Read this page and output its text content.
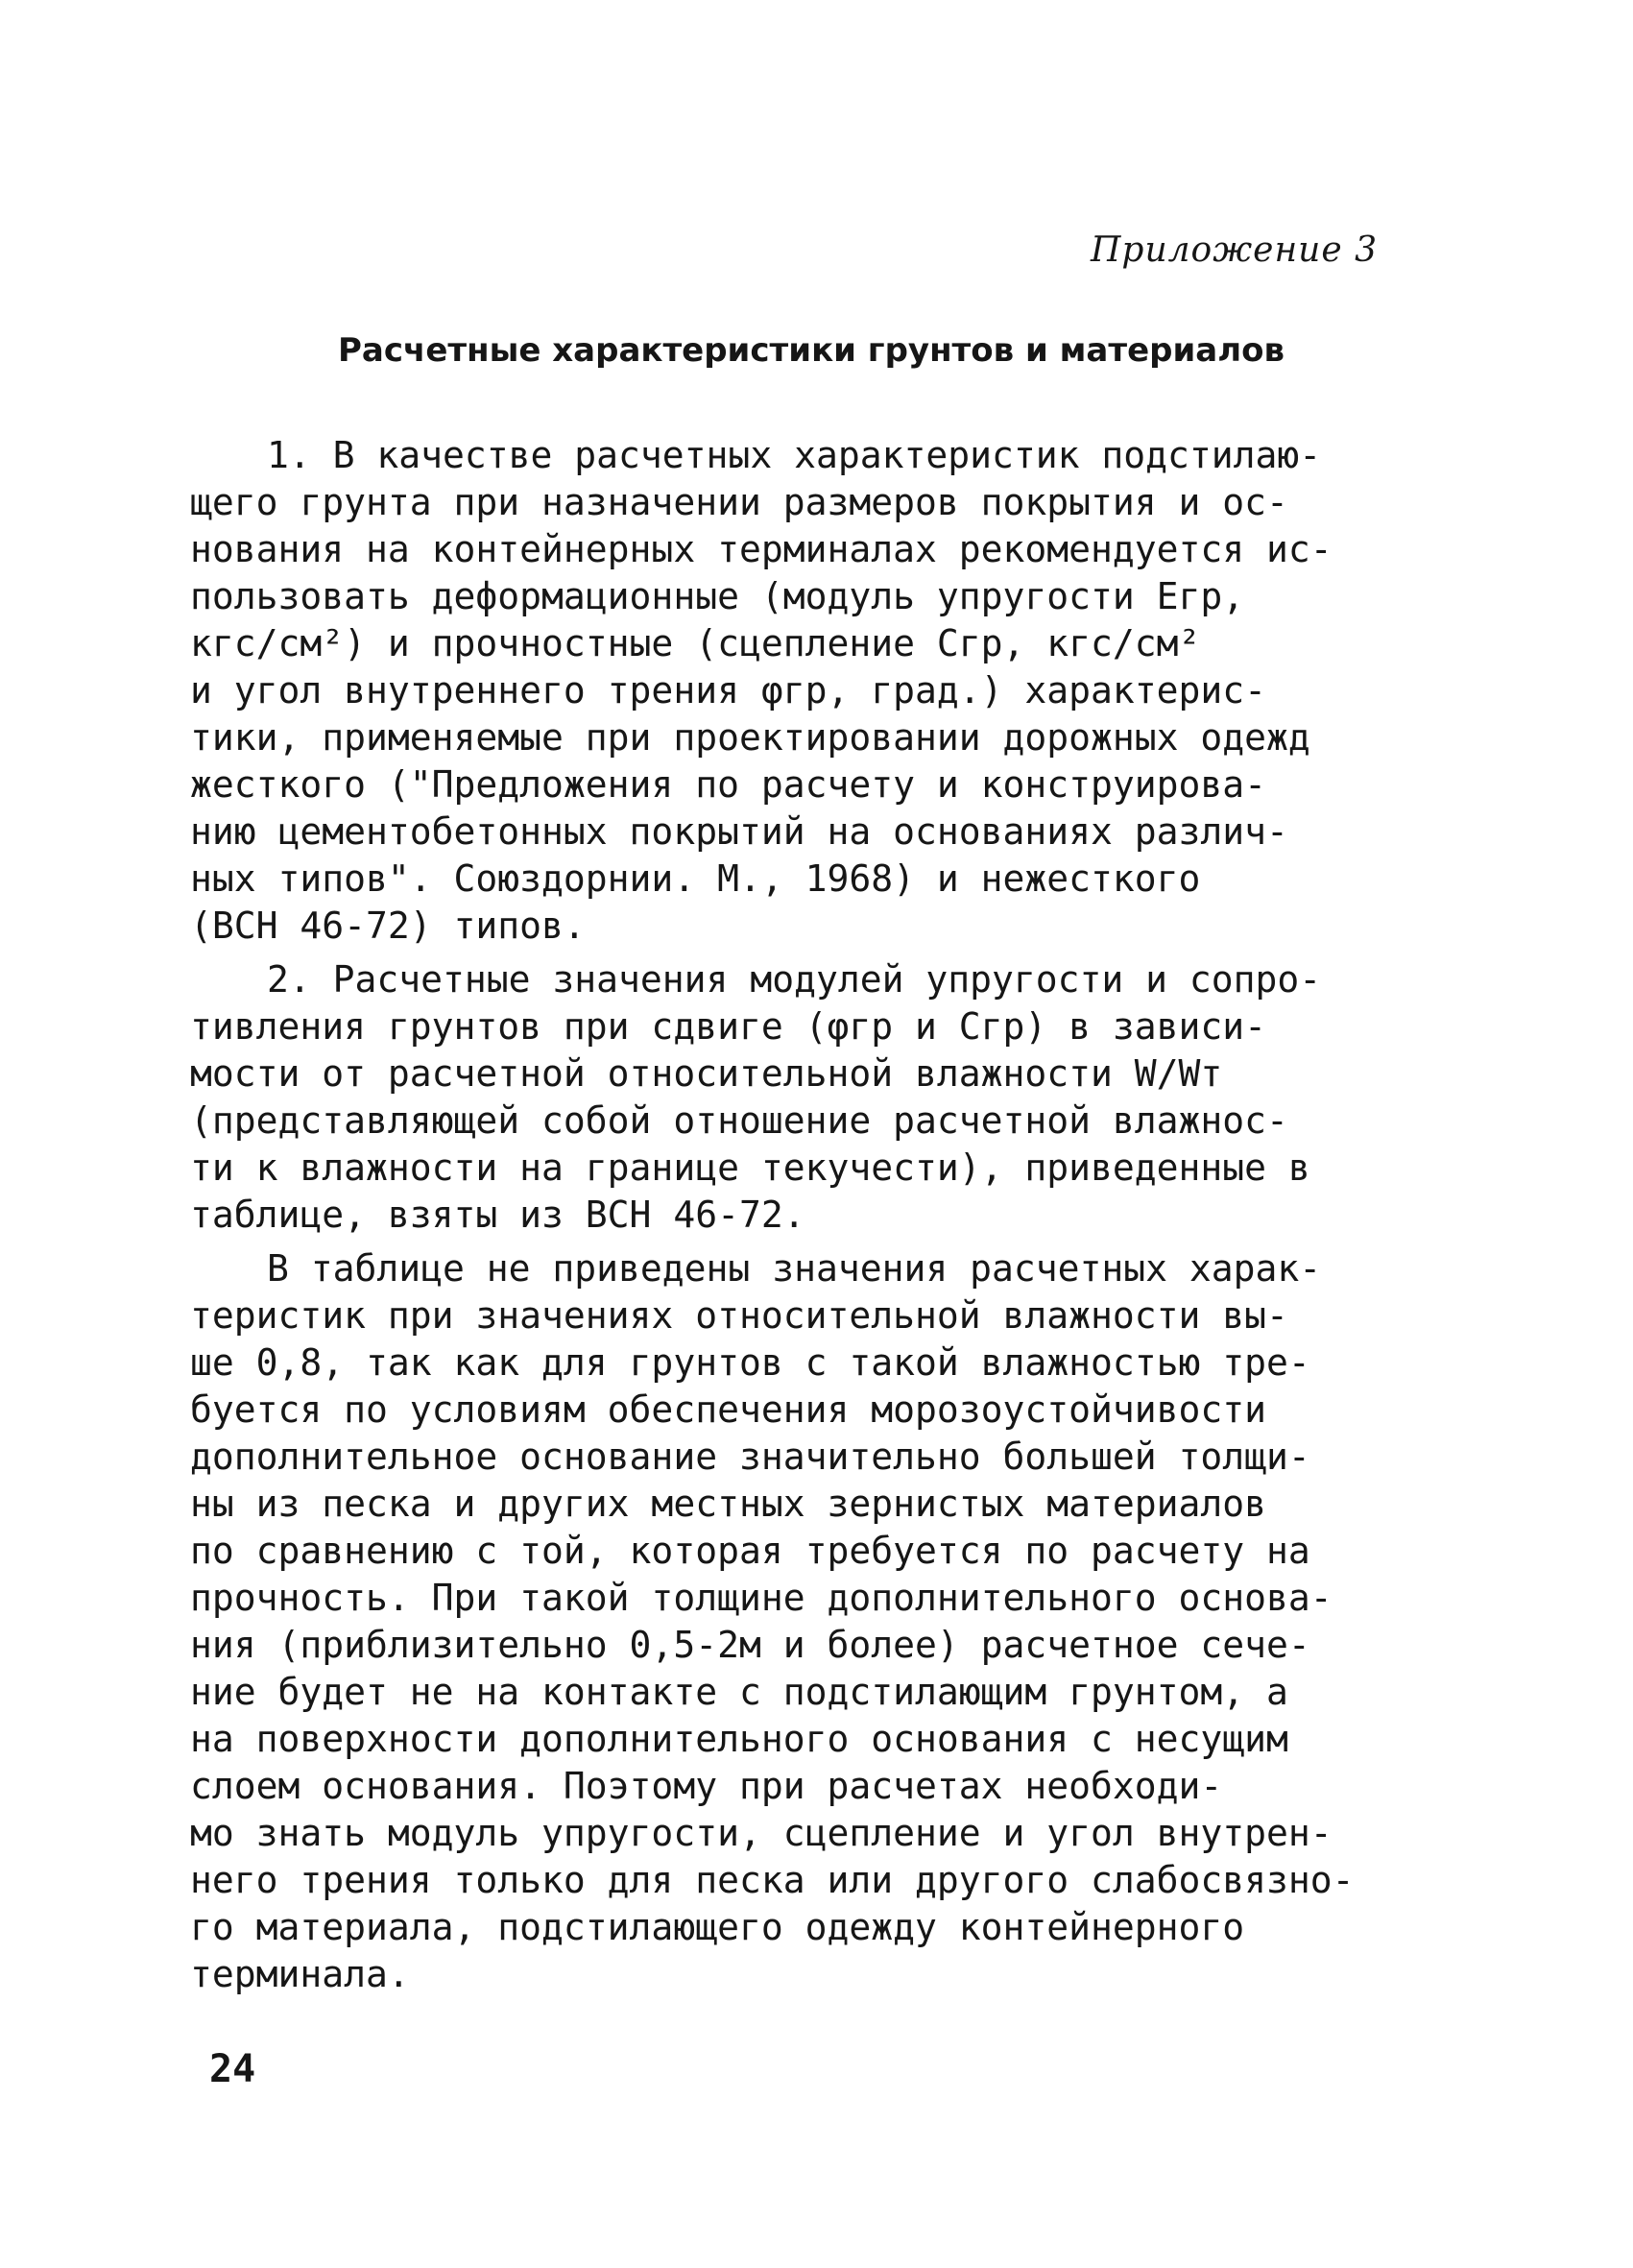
Приложение 3
Расчетные характеристики грунтов и материалов
1. В качестве расчетных характеристик подстилаю-
щего грунта при назначении размеров покрытия и ос-
нования на контейнерных терминалах рекомендуется ис-
пользовать деформационные (модуль упругости Eгр,
кгс/см²) и прочностные (сцепление Cгр, кгс/см²
и угол внутреннего трения φгр, град.) характерис-
тики, применяемые при проектировании дорожных одежд
жесткого ("Предложения по расчету и конструирова-
нию цементобетонных покрытий на основаниях различ-
ных типов". Союздорнии. М., 1968) и нежесткого
(ВСН 46-72) типов.
2. Расчетные значения модулей упругости и сопро-
тивления грунтов при сдвиге (φгр и Cгр) в зависи-
мости от расчетной относительной влажности W/Wт
(представляющей собой отношение расчетной влажнос-
ти к влажности на границе текучести), приведенные в
таблице, взяты из ВСН 46-72.
В таблице не приведены значения расчетных харак-
теристик при значениях относительной влажности вы-
ше 0,8, так как для грунтов с такой влажностью тре-
буется по условиям обеспечения морозоустойчивости
дополнительное основание значительно большей толщи-
ны из песка и других местных зернистых материалов
по сравнению с той, которая требуется по расчету на
прочность. При такой толщине дополнительного основа-
ния (приблизительно 0,5-2м и более) расчетное сече-
ние будет не на контакте с подстилающим грунтом, а
на поверхности дополнительного основания с несущим
слоем основания. Поэтому при расчетах необходи-
мо знать модуль упругости, сцепление и угол внутрен-
него трения только для песка или другого слабосвязно-
го материала, подстилающего одежду контейнерного
терминала.
24
